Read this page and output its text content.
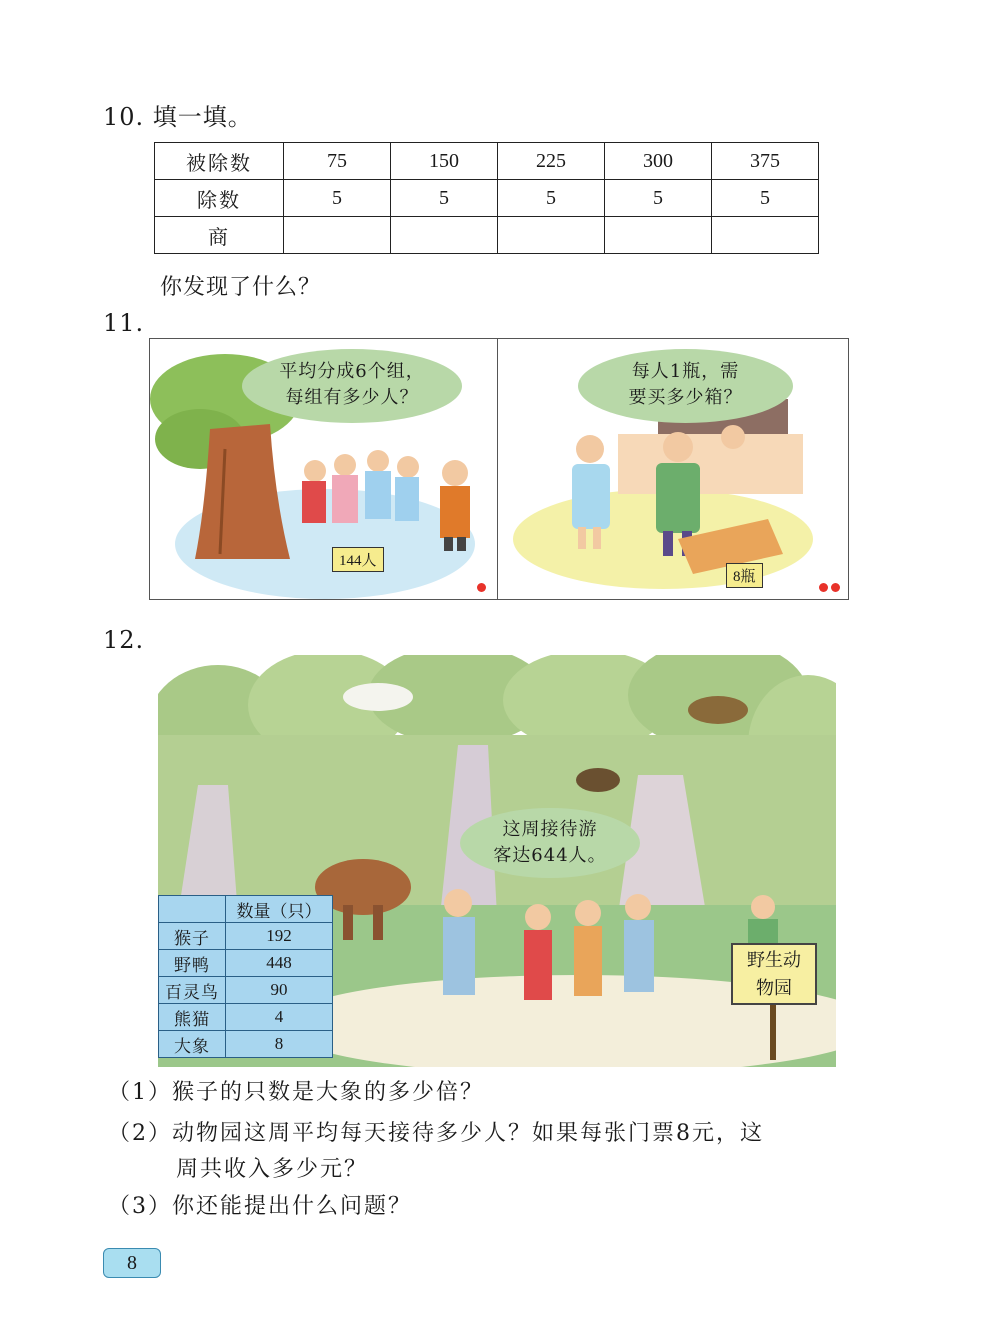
10. 填一填。
被除数	75	150	225	300	375
除数	5	5	5	5	5
商					
你发现了什么？
11.
平均分成6个组，
每组有多少人？
144人
每人1瓶，需
要买多少箱？
8瓶
12.
这周接待游
客达644人。
野生动
物园
	数量（只）
猴子	192
野鸭	448
百灵鸟	90
熊猫	4
大象	8
（1）猴子的只数是大象的多少倍？
（2）动物园这周平均每天接待多少人？如果每张门票8元，这
周共收入多少元？
（3）你还能提出什么问题？
8
